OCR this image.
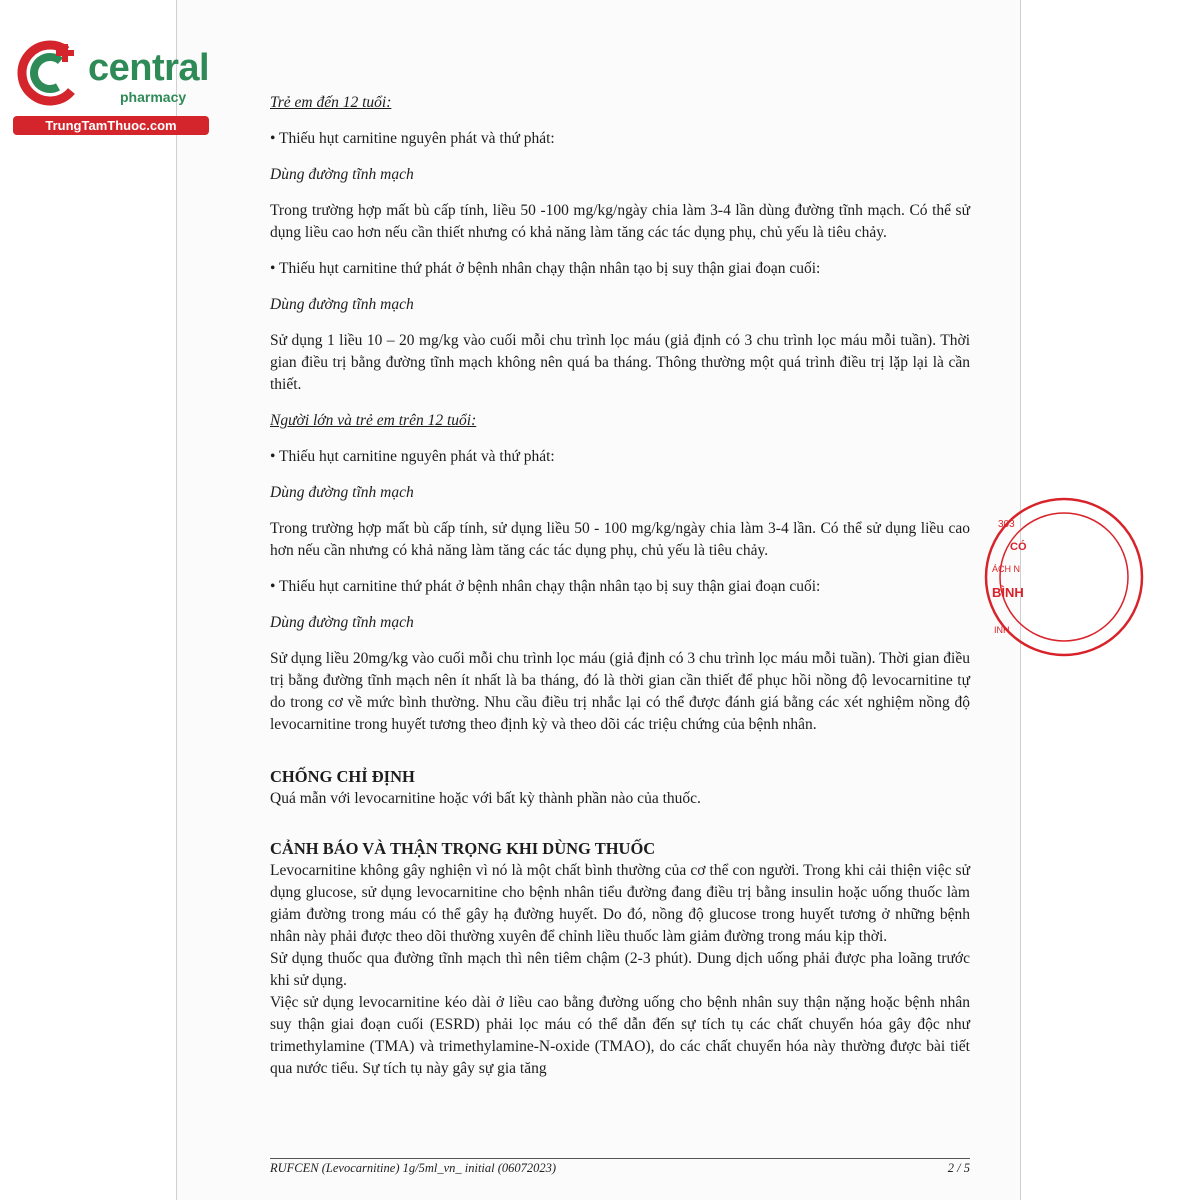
central
pharmacy
TrungTamThuoc.com
303
CÓ
ÁCH N
BÌNH
INH

Trẻ em đến 12 tuổi:

• Thiếu hụt carnitine nguyên phát và thứ phát:

Dùng đường tĩnh mạch

Trong trường hợp mất bù cấp tính, liều 50 -100 mg/kg/ngày chia làm 3-4 lần dùng đường tĩnh mạch. Có thể sử dụng liều cao hơn nếu cần thiết nhưng có khả năng làm tăng các tác dụng phụ, chủ yếu là tiêu chảy.

• Thiếu hụt carnitine thứ phát ở bệnh nhân chạy thận nhân tạo bị suy thận giai đoạn cuối:

Dùng đường tĩnh mạch

Sử dụng 1 liều 10 – 20 mg/kg vào cuối mỗi chu trình lọc máu (giả định có 3 chu trình lọc máu mỗi tuần). Thời gian điều trị bằng đường tĩnh mạch không nên quá ba tháng. Thông thường một quá trình điều trị lặp lại là cần thiết.

Người lớn và trẻ em trên 12 tuổi:

• Thiếu hụt carnitine nguyên phát và thứ phát:

Dùng đường tĩnh mạch

Trong trường hợp mất bù cấp tính, sử dụng liều 50 - 100 mg/kg/ngày chia làm 3-4 lần. Có thể sử dụng liều cao hơn nếu cần nhưng có khả năng làm tăng các tác dụng phụ, chủ yếu là tiêu chảy.

• Thiếu hụt carnitine thứ phát ở bệnh nhân chạy thận nhân tạo bị suy thận giai đoạn cuối:

Dùng đường tĩnh mạch

Sử dụng liều 20mg/kg vào cuối mỗi chu trình lọc máu (giả định có 3 chu trình lọc máu mỗi tuần). Thời gian điều trị bằng đường tĩnh mạch nên ít nhất là ba tháng, đó là thời gian cần thiết để phục hồi nồng độ levocarnitine tự do trong cơ về mức bình thường. Nhu cầu điều trị nhắc lại có thể được đánh giá bằng các xét nghiệm nồng độ levocarnitine trong huyết tương theo định kỳ và theo dõi các triệu chứng của bệnh nhân.

CHỐNG CHỈ ĐỊNH

Quá mẫn với levocarnitine hoặc với bất kỳ thành phần nào của thuốc.

CẢNH BÁO VÀ THẬN TRỌNG KHI DÙNG THUỐC

Levocarnitine không gây nghiện vì nó là một chất bình thường của cơ thể con người. Trong khi cải thiện việc sử dụng glucose, sử dụng levocarnitine cho bệnh nhân tiểu đường đang điều trị bằng insulin hoặc uống thuốc làm giảm đường trong máu có thể gây hạ đường huyết. Do đó, nồng độ glucose trong huyết tương ở những bệnh nhân này phải được theo dõi thường xuyên để chỉnh liều thuốc làm giảm đường trong máu kịp thời.

Sử dụng thuốc qua đường tĩnh mạch thì nên tiêm chậm (2-3 phút). Dung dịch uống phải được pha loãng trước khi sử dụng.

Việc sử dụng levocarnitine kéo dài ở liều cao bằng đường uống cho bệnh nhân suy thận nặng hoặc bệnh nhân suy thận giai đoạn cuối (ESRD) phải lọc máu có thể dẫn đến sự tích tụ các chất chuyển hóa gây độc như trimethylamine (TMA) và trimethylamine-N-oxide (TMAO), do các chất chuyển hóa này thường được bài tiết qua nước tiểu. Sự tích tụ này gây sự gia tăng

RUFCEN (Levocarnitine) 1g/5ml_vn_ initial (06072023)	2 / 5
